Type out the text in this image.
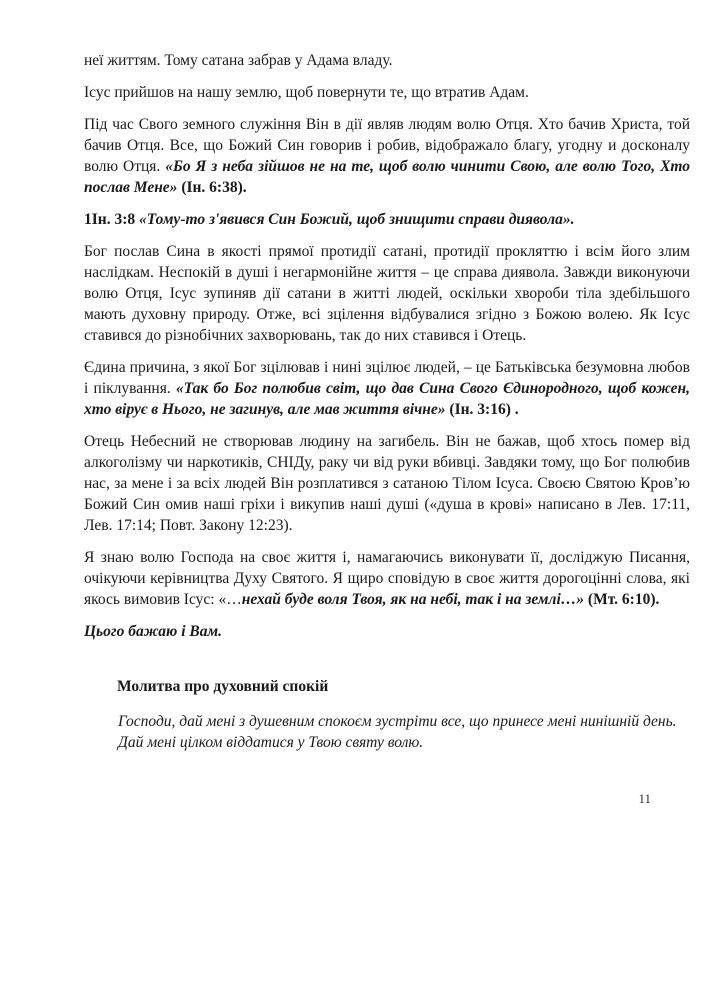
неї життям. Тому сатана забрав у Адама владу.

Ісус прийшов на нашу землю, щоб повернути те, що втратив Адам.

Під час Свого земного служіння Він в дії являв людям волю Отця. Хто бачив Христа, той бачив Отця. Все, що Божий Син говорив і робив, відображало благу, угодну и досконалу волю Отця. «Бо Я з неба зійшов не на те, щоб волю чинити Свою, але волю Того, Хто послав Мене» (Ін. 6:38).

1Ін. 3:8 «Тому-то з'явився Син Божий, щоб знищити справи диявола».

Бог послав Сина в якості прямої протидії сатані, протидії прокляттю і всім його злим наслідкам. Неспокій в душі і негармонійне життя – це справа диявола. Завжди виконуючи волю Отця, Ісус зупиняв дії сатани в житті людей, оскільки хвороби тіла здебільшого мають духовну природу. Отже, всі зцілення відбувалися згідно з Божою волею. Як Ісус ставився до різнобічних захворювань, так до них ставився і Отець.

Єдина причина, з якої Бог зцілював і нині зцілює людей, – це Батьківська безумовна любов і піклування. «Так бо Бог полюбив світ, що дав Сина Свого Єдинородного, щоб кожен, хто вірує в Нього, не загинув, але мав життя вічне» (Ін. 3:16) .

Отець Небесний не створював людину на загибель. Він не бажав, щоб хтось помер від алкоголізму чи наркотиків, СНІДу, раку чи від руки вбивці. Завдяки тому, що Бог полюбив нас, за мене і за всіх людей Він розплатився з сатаною Тілом Ісуса. Своєю Святою Кров’ю Божий Син омив наші гріхи і викупив наші душі («душа в крові» написано в Лев. 17:11, Лев. 17:14; Повт. Закону 12:23).

Я знаю волю Господа на своє життя і, намагаючись виконувати її, досліджую Писання, очікуючи керівництва Духу Святого. Я щиро сповідую в своє життя дорогоцінні слова, які якось вимовив Ісус: «…нехай буде воля Твоя, як на небі, так і на землі…» (Мт. 6:10).

Цього бажаю і Вам.

Молитва про духовний спокій

Господи, дай мені з душевним спокоєм зустріти все, що принесе мені нинішній день.

Дай мені цілком віддатися у Твою святу волю.

11
